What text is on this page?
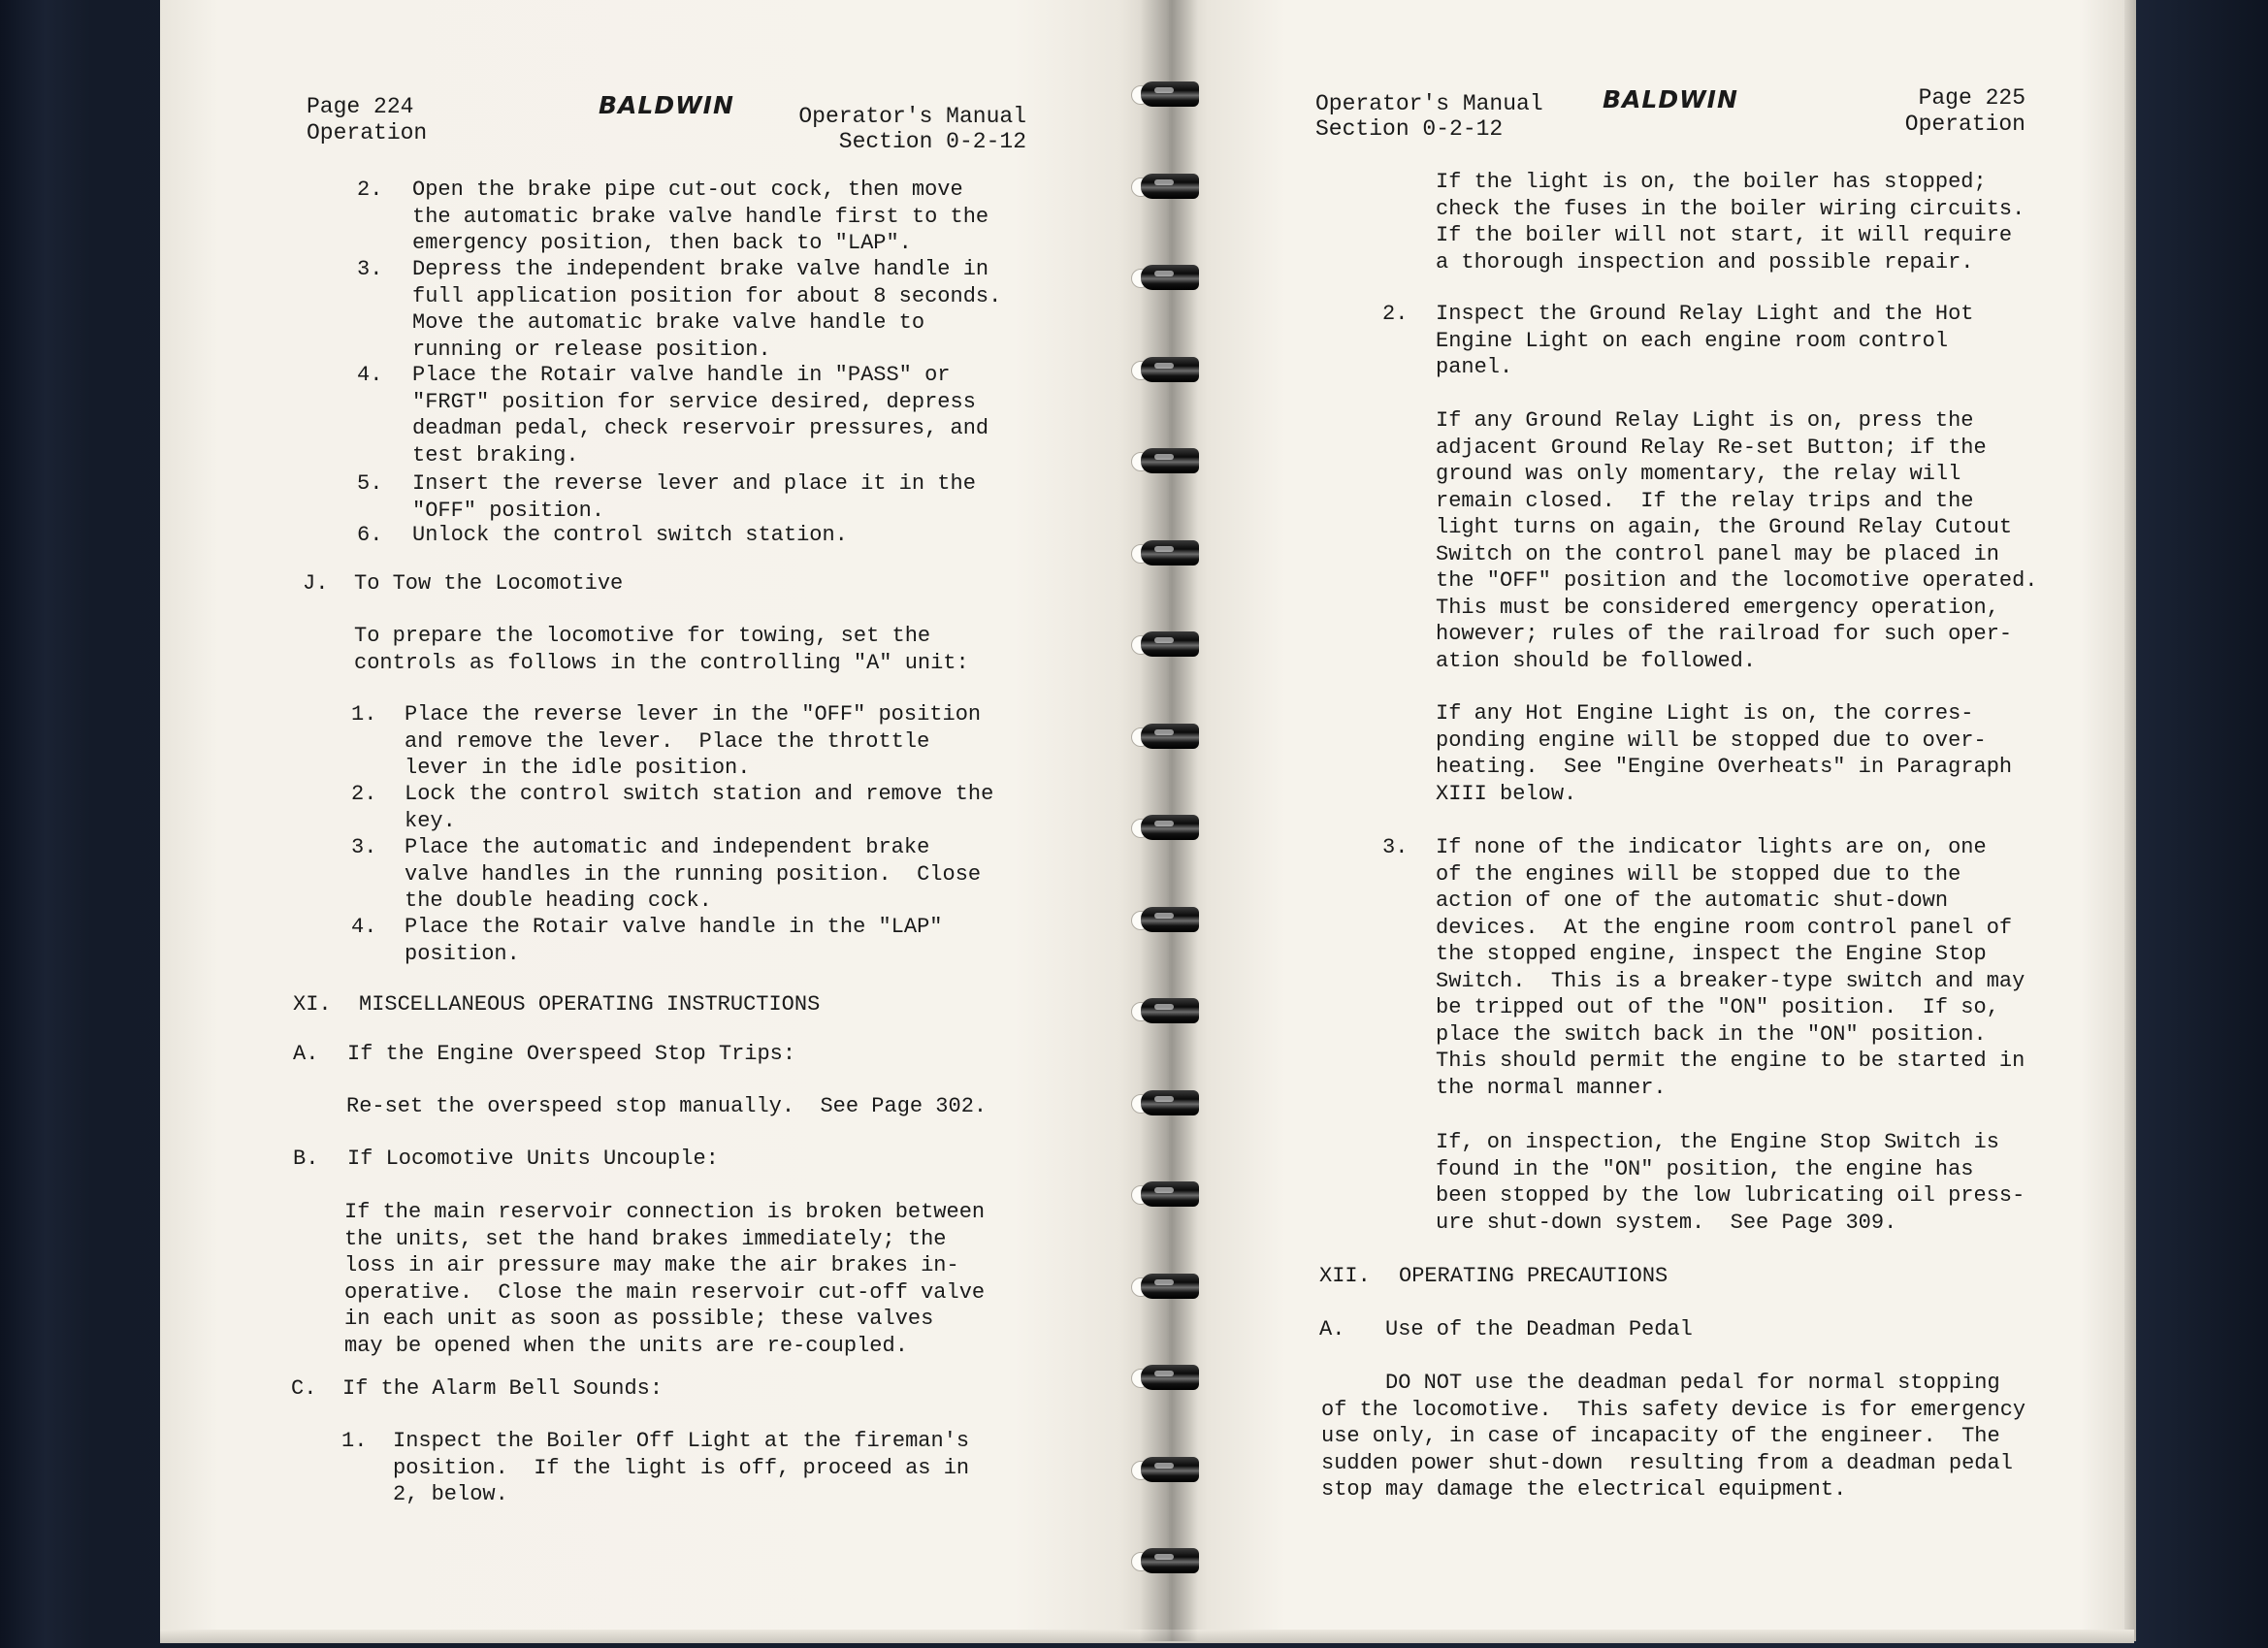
Page 224
Operation
BALDWIN	Operator's Manual
Section 0-2-12
2. Open the brake pipe cut-out cock, then move
the automatic brake valve handle first to the
emergency position, then back to "LAP".
3. Depress the independent brake valve handle in
full application position for about 8 seconds.
Move the automatic brake valve handle to
running or release position.
4. Place the Rotair valve handle in "PASS" or
"FRGT" position for service desired, depress
deadman pedal, check reservoir pressures, and
test braking.
5. Insert the reverse lever and place it in the
"OFF" position.
6. Unlock the control switch station.
J. To Tow the Locomotive
To prepare the locomotive for towing, set the
controls as follows in the controlling "A" unit:
1. Place the reverse lever in the "OFF" position
and remove the lever.  Place the throttle
lever in the idle position.
2. Lock the control switch station and remove the
key.
3. Place the automatic and independent brake
valve handles in the running position.  Close
the double heading cock.
4. Place the Rotair valve handle in the "LAP"
position.
XI. MISCELLANEOUS OPERATING INSTRUCTIONS
A. If the Engine Overspeed Stop Trips:
Re-set the overspeed stop manually.  See Page 302.
B. If Locomotive Units Uncouple:
If the main reservoir connection is broken between
the units, set the hand brakes immediately; the
loss in air pressure may make the air brakes in-
operative.  Close the main reservoir cut-off valve
in each unit as soon as possible; these valves
may be opened when the units are re-coupled.
C. If the Alarm Bell Sounds:
1. Inspect the Boiler Off Light at the fireman's
position.  If the light is off, proceed as in
2, below.
Operator's Manual
Section 0-2-12
BALDWIN	Page 225
Operation
If the light is on, the boiler has stopped;
check the fuses in the boiler wiring circuits.
If the boiler will not start, it will require
a thorough inspection and possible repair.
2. Inspect the Ground Relay Light and the Hot
Engine Light on each engine room control
panel.
If any Ground Relay Light is on, press the
adjacent Ground Relay Re-set Button; if the
ground was only momentary, the relay will
remain closed.  If the relay trips and the
light turns on again, the Ground Relay Cutout
Switch on the control panel may be placed in
the "OFF" position and the locomotive operated.
This must be considered emergency operation,
however; rules of the railroad for such oper-
ation should be followed.
If any Hot Engine Light is on, the corres-
ponding engine will be stopped due to over-
heating.  See "Engine Overheats" in Paragraph
XIII below.
3. If none of the indicator lights are on, one
of the engines will be stopped due to the
action of one of the automatic shut-down
devices.  At the engine room control panel of
the stopped engine, inspect the Engine Stop
Switch.  This is a breaker-type switch and may
be tripped out of the "ON" position.  If so,
place the switch back in the "ON" position.
This should permit the engine to be started in
the normal manner.
If, on inspection, the Engine Stop Switch is
found in the "ON" position, the engine has
been stopped by the low lubricating oil press-
ure shut-down system.  See Page 309.
XII. OPERATING PRECAUTIONS
A. Use of the Deadman Pedal
DO NOT use the deadman pedal for normal stopping
of the locomotive.  This safety device is for emergency
use only, in case of incapacity of the engineer.  The
sudden power shut-down  resulting from a deadman pedal
stop may damage the electrical equipment.
